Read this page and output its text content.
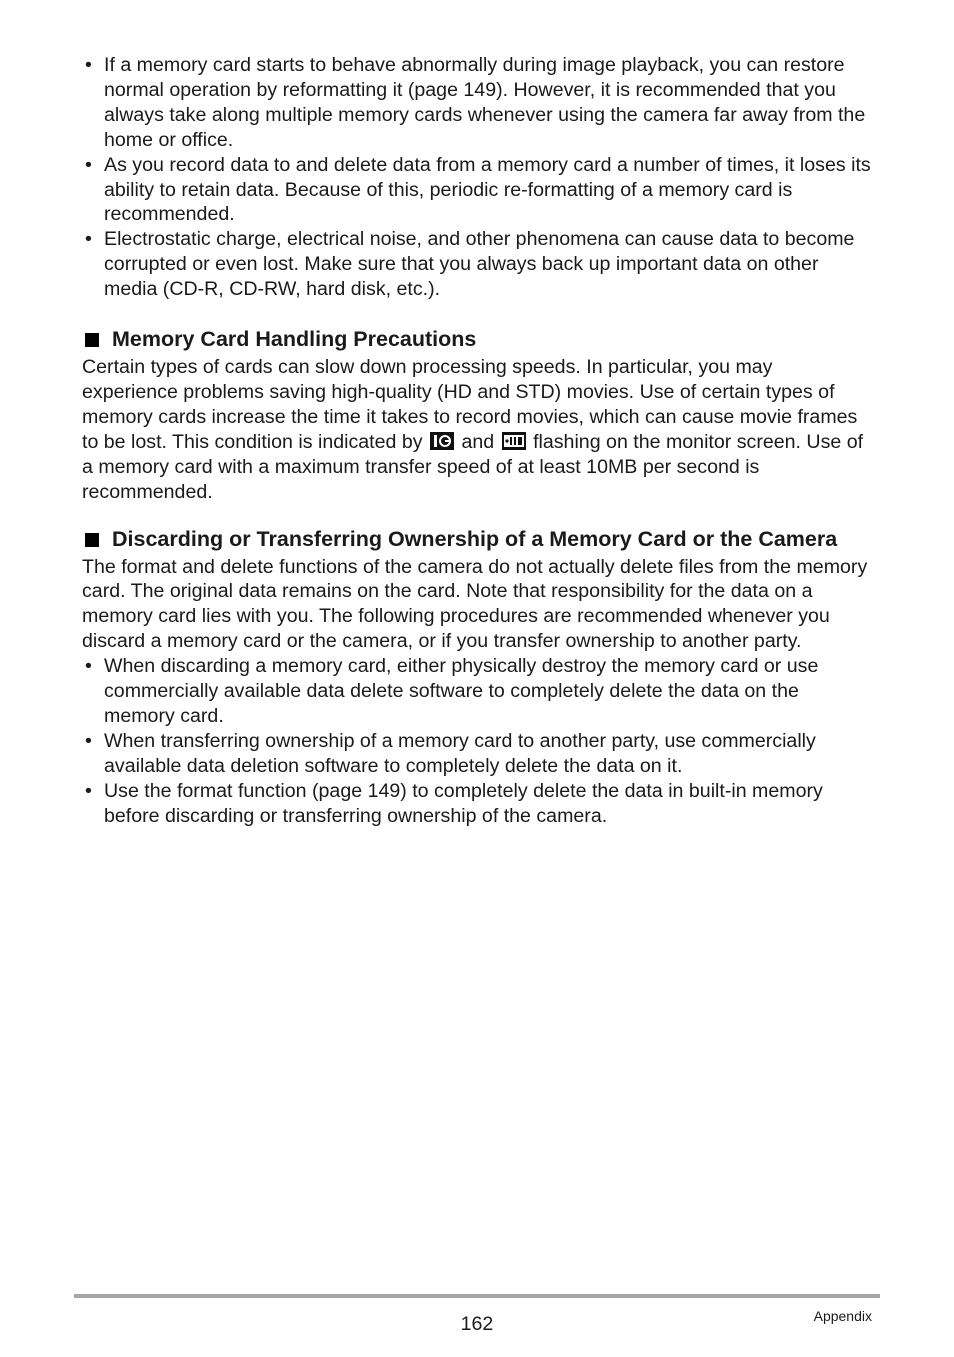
• If a memory card starts to behave abnormally during image playback, you can restore normal operation by reformatting it (page 149). However, it is recommended that you always take along multiple memory cards whenever using the camera far away from the home or office.
• As you record data to and delete data from a memory card a number of times, it loses its ability to retain data. Because of this, periodic re-formatting of a memory card is recommended.
• Electrostatic charge, electrical noise, and other phenomena can cause data to become corrupted or even lost. Make sure that you always back up important data on other media (CD-R, CD-RW, hard disk, etc.).
Memory Card Handling Precautions

Certain types of cards can slow down processing speeds. In particular, you may experience problems saving high-quality (HD and STD) movies. Use of certain types of memory cards increase the time it takes to record movies, which can cause movie frames to be lost. This condition is indicated by and flashing on the monitor screen. Use of a memory card with a maximum transfer speed of at least 10MB per second is recommended.

Discarding or Transferring Ownership of a Memory Card or the Camera

The format and delete functions of the camera do not actually delete files from the memory card. The original data remains on the card. Note that responsibility for the data on a memory card lies with you. The following procedures are recommended whenever you discard a memory card or the camera, or if you transfer ownership to another party.

• When discarding a memory card, either physically destroy the memory card or use commercially available data delete software to completely delete the data on the memory card.
• When transferring ownership of a memory card to another party, use commercially available data deletion software to completely delete the data on it.
• Use the format function (page 149) to completely delete the data in built-in memory before discarding or transferring ownership of the camera.
162	Appendix
